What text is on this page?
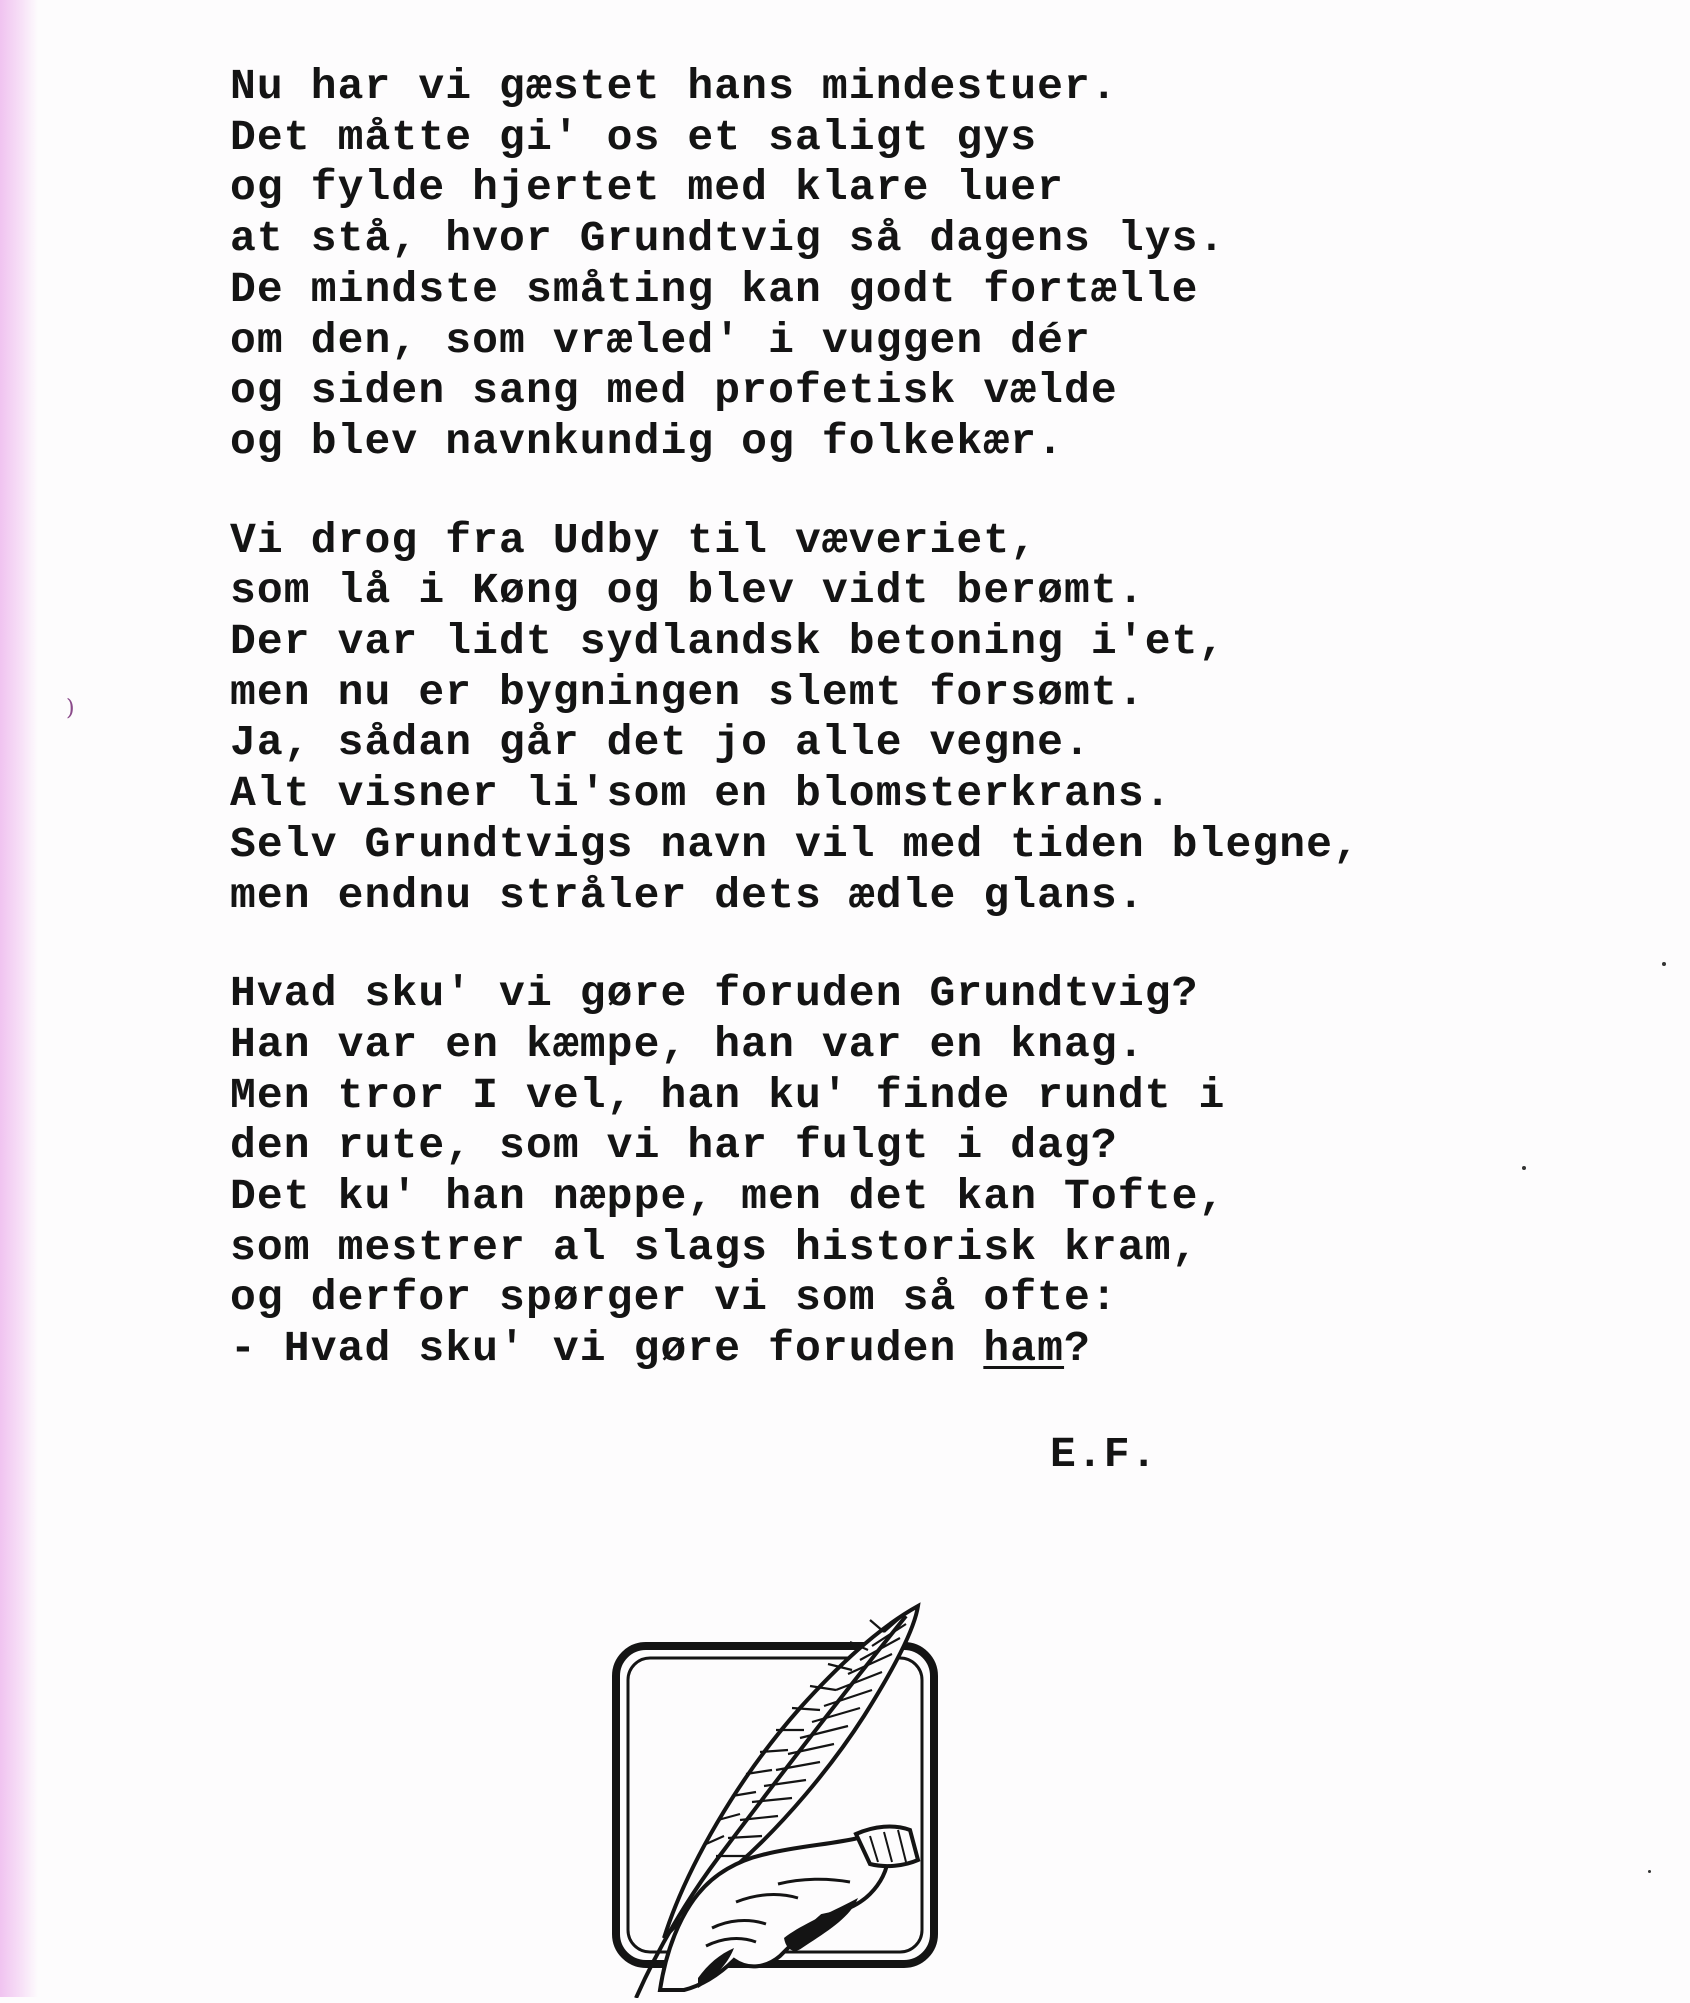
)
Nu har vi gæstet hans mindestuer.
Det måtte gi' os et saligt gys
og fylde hjertet med klare luer
at stå, hvor Grundtvig så dagens lys.
De mindste småting kan godt fortælle
om den, som vræled' i vuggen dér
og siden sang med profetisk vælde
og blev navnkundig og folkekær.
Vi drog fra Udby til væveriet,
som lå i Køng og blev vidt berømt.
Der var lidt sydlandsk betoning i'et,
men nu er bygningen slemt forsømt.
Ja, sådan går det jo alle vegne.
Alt visner li'som en blomsterkrans.
Selv Grundtvigs navn vil med tiden blegne,
men endnu stråler dets ædle glans.
Hvad sku' vi gøre foruden Grundtvig?
Han var en kæmpe, han var en knag.
Men tror I vel, han ku' finde rundt i
den rute, som vi har fulgt i dag?
Det ku' han næppe, men det kan Tofte,
som mestrer al slags historisk kram,
og derfor spørger vi som så ofte:
- Hvad sku' vi gøre foruden ham?
E.F.
